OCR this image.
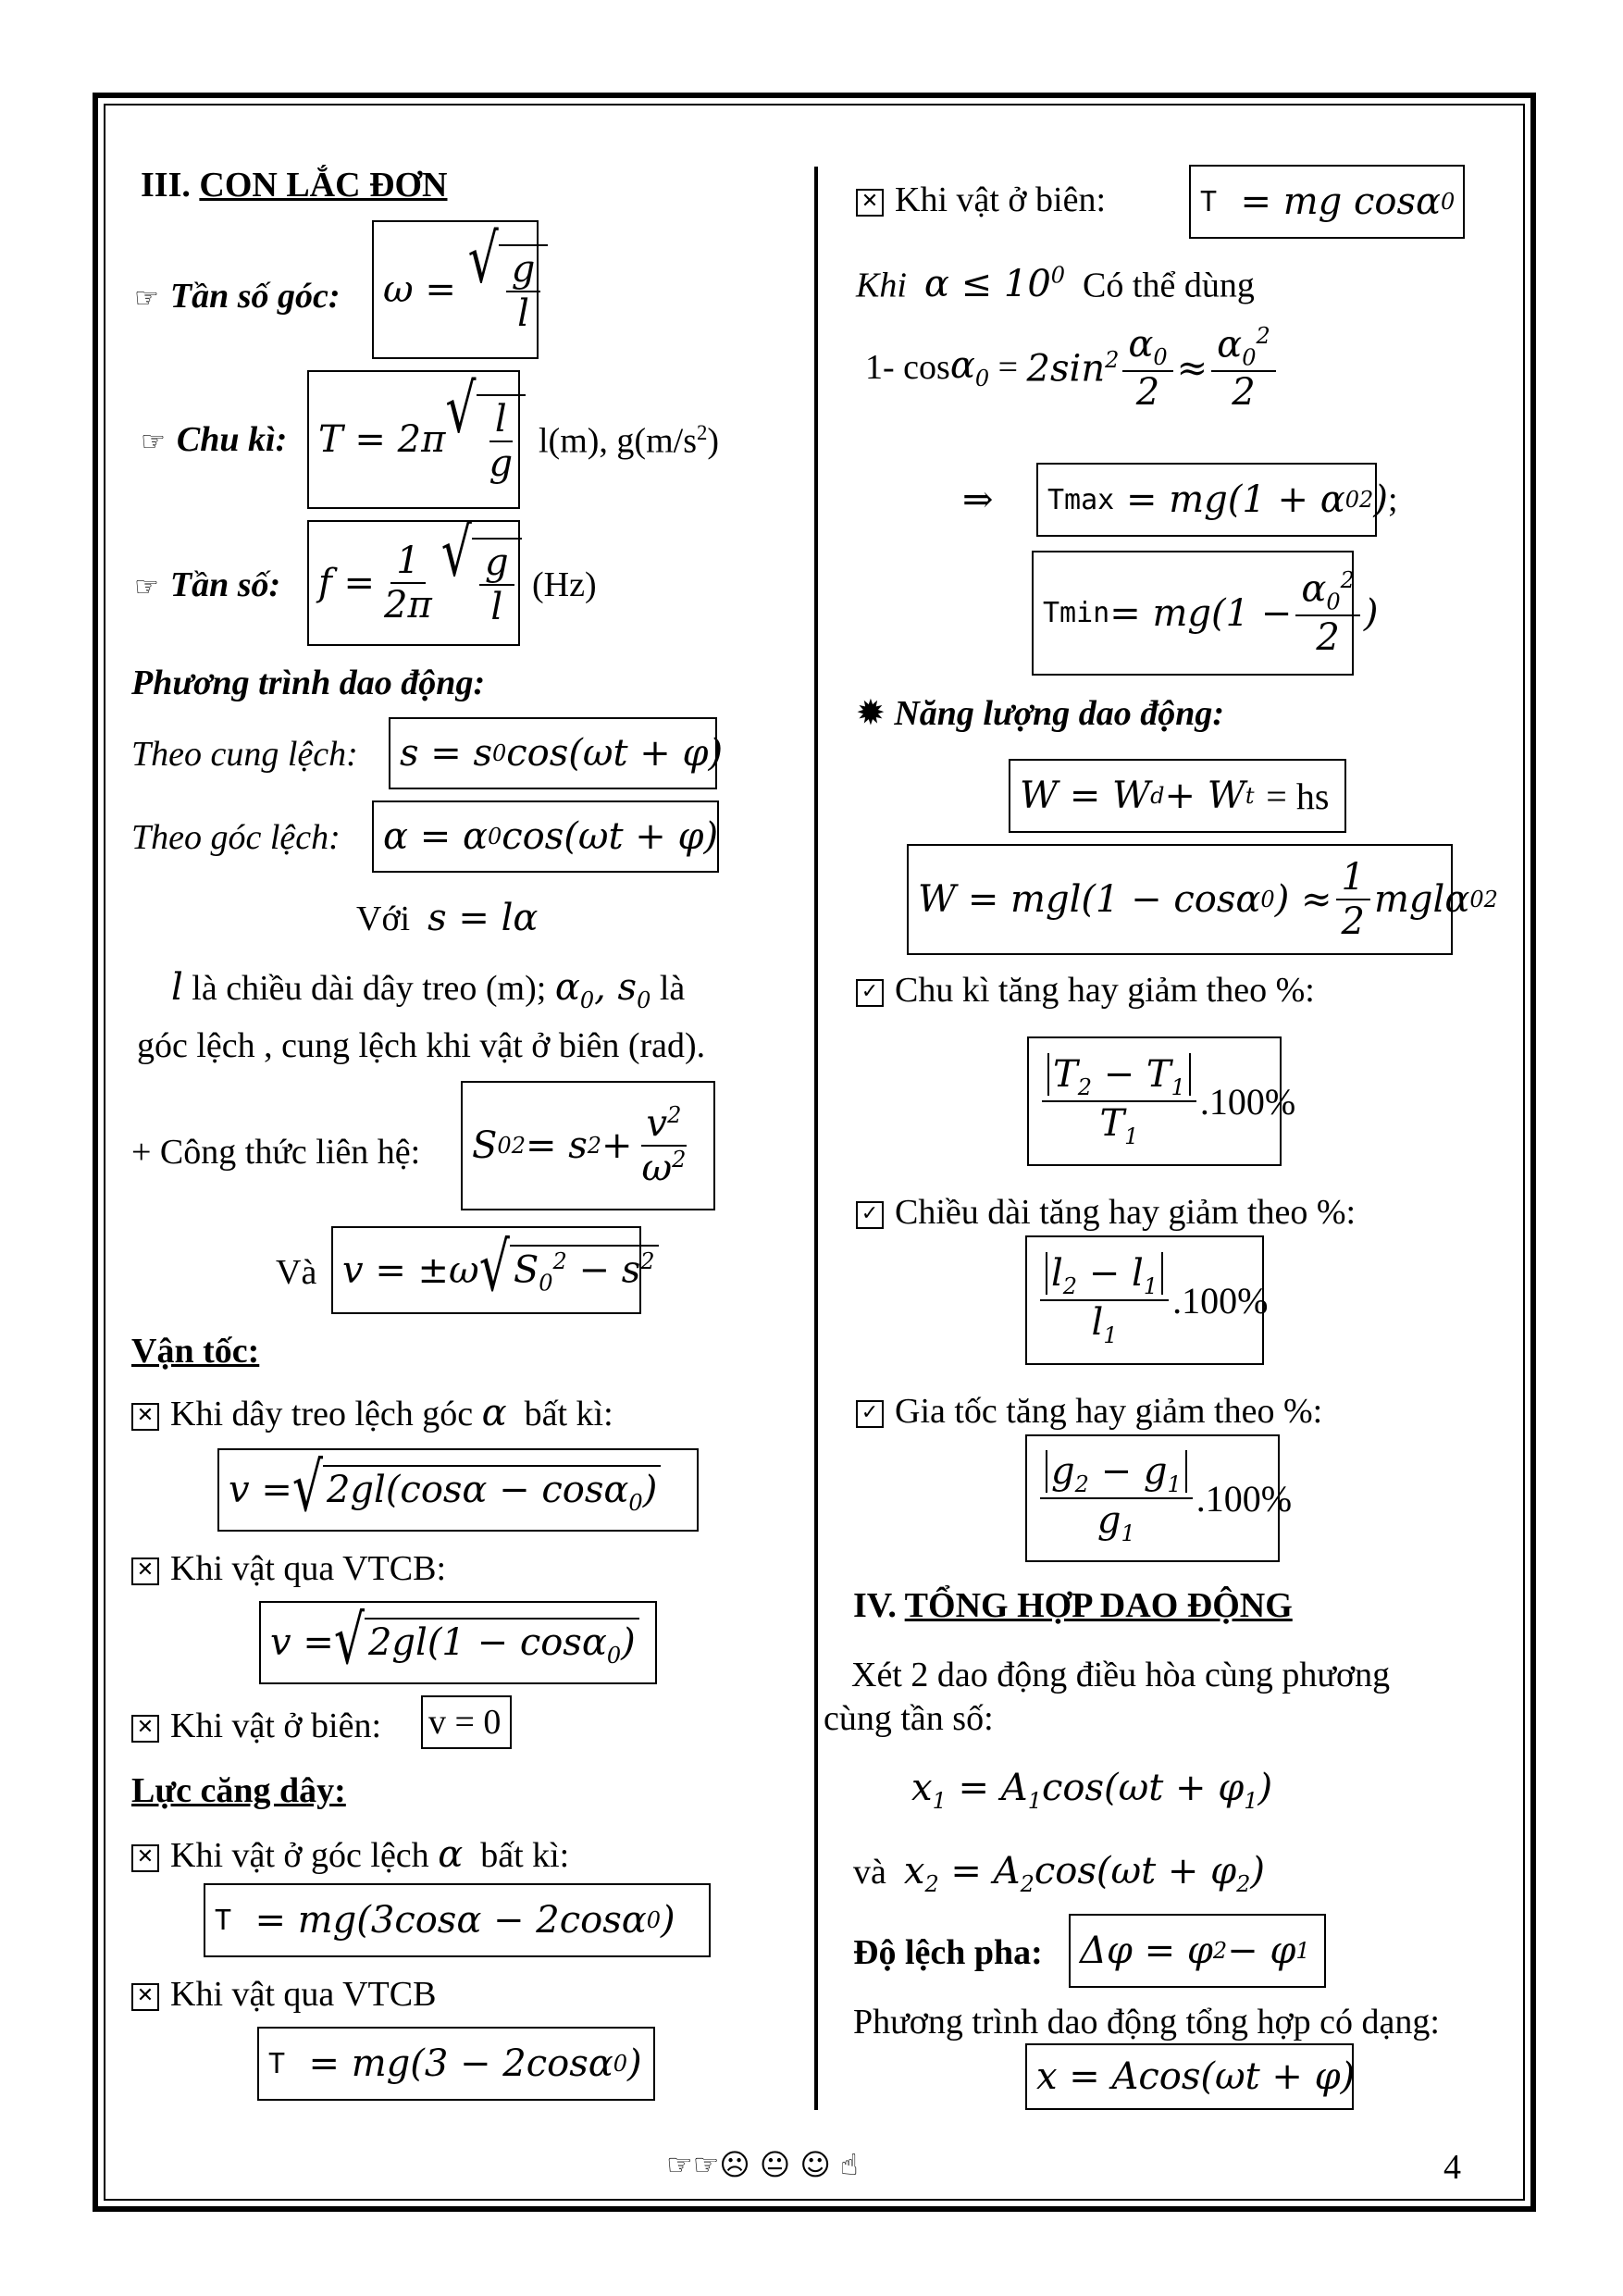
III. CON LẮC ĐƠN
☞ Tần số góc:	ω = √ $\frac{g}{l}$
☞ Chu kì: T = 2π √ $\frac{l}{g} l(m)$, $g(m/s^2)$
☞ Tần số:	$f = \frac{1}{2\pi}$ √ $\frac{g}{l} (Hz)$
Phương trình dao động:
Theo cung lệch:	s = s 0 cos(ωt + φ)
Theo góc lệch:	α = α 0 cos(ωt + φ)
Với s = lα
l là chiều dài dây treo (m); $\alpha_0$, $s_0$ là
góc lệch , cung lệch khi vật ở biên (rad).
+ Công thức liên hệ:	S 0 2 = s $2 + \frac{v^2}{\omega^2}$
Và v = ±ω √ $S_0^2 - s^2$
Vận tốc:
✕ Khi dây treo lệch góc α bất kì:
v = √ 2gl(cosα − cosα$_0$)
✕ Khi vật qua VTCB:
v = √ 2gl(1 − cosα$_0$)
✕ Khi vật ở biên: v = 0
Lực căng dây:
✕ Khi vật ở góc lệch α bất kì:
T = mg(3cosα − 2cosα 0 )
✕ Khi vật qua VTCB
T = mg(3 − 2cosα 0 )
✕ Khi vật ở biên:	T = mg cosα 0
Khi $\alpha \le 10^0$ Có thể dùng
1- $\cos \alpha_0 = 2\sin^2 \frac{\alpha_0}{2} \approx \frac{\alpha_0^2}{2}$
⇒ Tmax = mg(1 + α 0 2 ) ;
$Tmin = mg(1 - \frac{\alpha_0^2}{2}$ )
✹ Năng lượng dao động:
W = W d + W t
= hs
W = mgl(1 − cosα 0 ) ≈ $\frac{1}{2}$ mglα 0 2
✓ Chu kì tăng hay giảm theo %:
$\frac{T_2 - T_1}{T_1} .100\%$
✓ Chiều dài tăng hay giảm theo %:
$\frac{l_2 - l_1}{l_1} .100\%$
✓ Gia tốc tăng hay giảm theo %:
$\frac{g_2 - g_1}{g_1} .100\%$
IV. TỔNG HỢP DAO ĐỘNG
Xét 2 dao động điều hòa cùng phương
cùng tần số:
$x_1 = A_1\cos(\omega t + \varphi_1)$
và $x_2 = A_2\cos(\omega t + \varphi_2)$
Độ lệch pha:	Δφ = φ 2 − φ 1
Phương trình dao động tổng hợp có dạng:
x = Acos(ωt + φ)
☞☞☹ 😐 ☺ ☝	4
